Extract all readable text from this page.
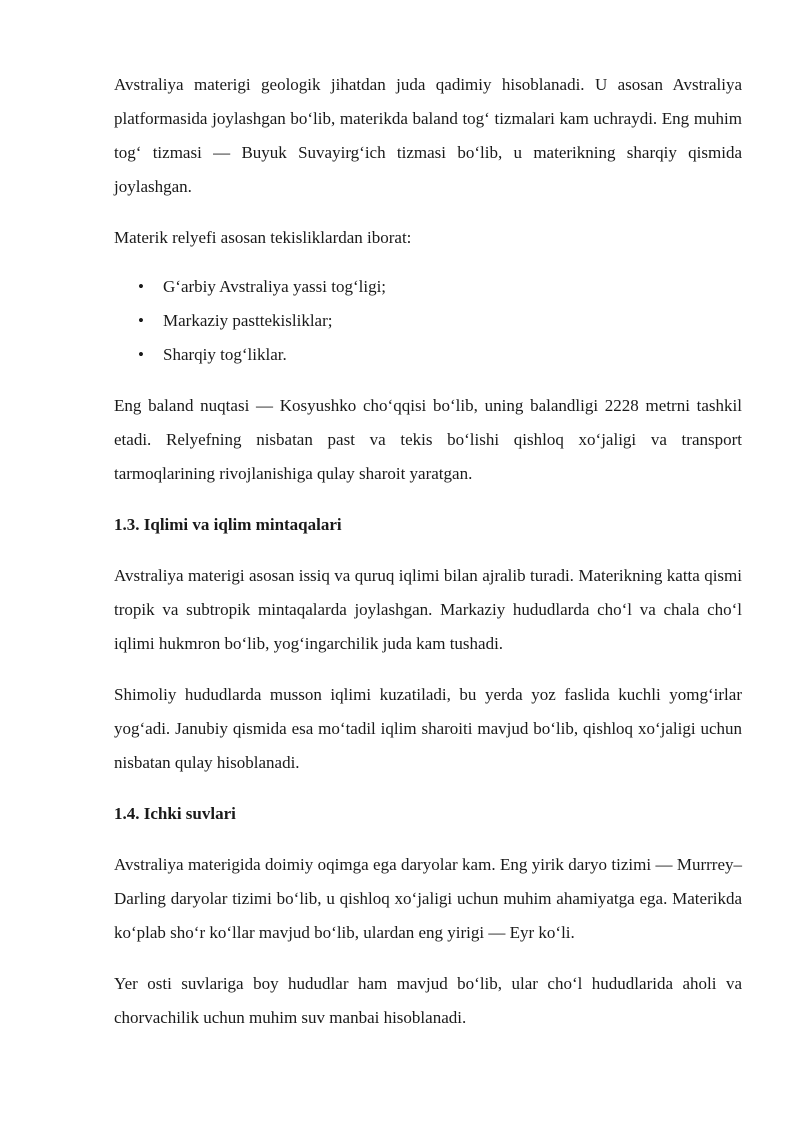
Avstraliya materigi geologik jihatdan juda qadimiy hisoblanadi. U asosan Avstraliya platformasida joylashgan bo‘lib, materikda baland tog‘ tizmalari kam uchraydi. Eng muhim tog‘ tizmasi — Buyuk Suvayirg‘ich tizmasi bo‘lib, u materikning sharqiy qismida joylashgan.

Materik relyefi asosan tekisliklardan iborat:

• G‘arbiy Avstraliya yassi tog‘ligi;
• Markaziy pasttekisliklar;
• Sharqiy tog‘liklar.

Eng baland nuqtasi — Kosyushko cho‘qqisi bo‘lib, uning balandligi 2228 metrni tashkil etadi. Relyefning nisbatan past va tekis bo‘lishi qishloq xo‘jaligi va transport tarmoqlarining rivojlanishiga qulay sharoit yaratgan.

1.3. Iqlimi va iqlim mintaqalari

Avstraliya materigi asosan issiq va quruq iqlimi bilan ajralib turadi. Materikning katta qismi tropik va subtropik mintaqalarda joylashgan. Markaziy hududlarda cho‘l va chala cho‘l iqlimi hukmron bo‘lib, yog‘ingarchilik juda kam tushadi.

Shimoliy hududlarda musson iqlimi kuzatiladi, bu yerda yoz faslida kuchli yomg‘irlar yog‘adi. Janubiy qismida esa mo‘tadil iqlim sharoiti mavjud bo‘lib, qishloq xo‘jaligi uchun nisbatan qulay hisoblanadi.

1.4. Ichki suvlari

Avstraliya materigida doimiy oqimga ega daryolar kam. Eng yirik daryo tizimi — Murrrey–Darling daryolar tizimi bo‘lib, u qishloq xo‘jaligi uchun muhim ahamiyatga ega. Materikda ko‘plab sho‘r ko‘llar mavjud bo‘lib, ulardan eng yirigi — Eyr ko‘li.

Yer osti suvlariga boy hududlar ham mavjud bo‘lib, ular cho‘l hududlarida aholi va chorvachilik uchun muhim suv manbai hisoblanadi.
